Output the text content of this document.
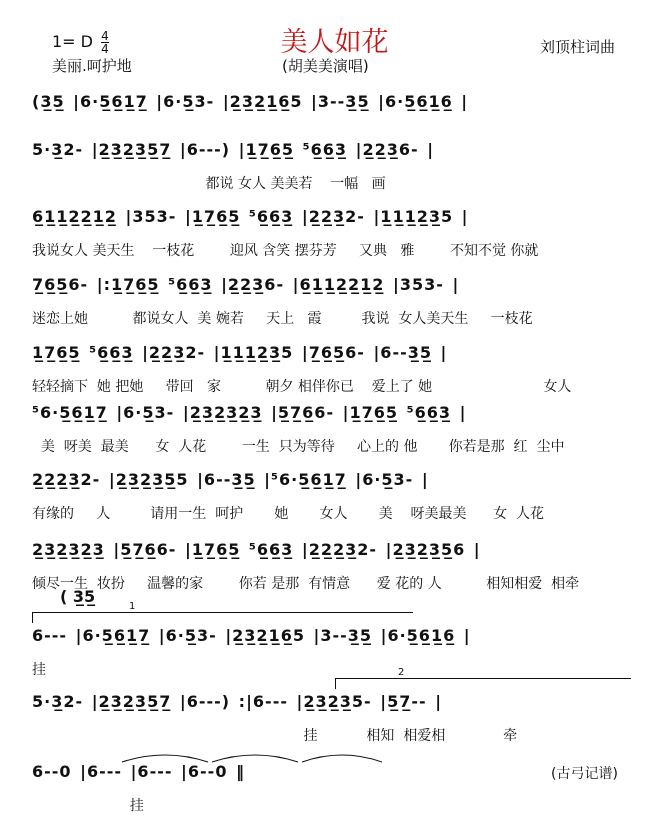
美人如花
1= D $\frac{4}{4}$
美丽.呵护地	(胡美美演唱)
刘顶柱词曲
(3̲5̲ |6·5̲6̲1̲7̲ |6·5̲3- |2̲3̲2̲1̲6̲5 |3--3̲5̲ |6·5̲6̲1̲6̲ |
5·3̲2- |2̲3̲2̲3̲5̲7̲ |6---) |1̲7̲6̲5̲ ⁵6̲6̲3̲ |2̲2̲3̲6- |
都说 女人 美美若    一幅   画
6̲1̲1̲2̲2̲1̲2̲ |353- |1̲7̲6̲5̲ ⁵6̲6̲3̲ |2̲2̲3̲2- |1̲1̲1̲2̲3̲5 |
我说女人 美天生    一枝花        迎风 含笑 摆芬芳     又典   雅        不知不觉 你就
7̲6̲5̲6- |:1̲7̲6̲5̲ ⁵6̲6̲3̲ |2̲2̲3̲6- |6̲1̲1̲2̲2̲1̲2̲ |353- |
迷恋上她          都说女人  美 婉若     天上   霞         我说  女人美天生     一枝花
1̲7̲6̲5̲ ⁵6̲6̲3̲ |2̲2̲3̲2- |1̲1̲1̲2̲3̲5 |7̲6̲5̲6- |6--3̲5̲ |
轻轻摘下  她 把她     带回   家          朝夕 相伴你已    爱上了 她                         女人
⁵6·5̲6̲1̲7̲ |6·5̲3- |2̲3̲2̲3̲2̲3̲ |5̲7̲6̲6- |1̲7̲6̲5̲ ⁵6̲6̲3̲ |
美  呀美  最美      女  人花        一生  只为等待     心上的 他       你若是那  红  尘中
2̲2̲2̲3̲2- |2̲3̲2̲3̲5̲5 |6--3̲5̲ |⁵6·5̲6̲1̲7̲ |6·5̲3- |
有缘的     人         请用一生  呵护       她       女人       美    呀美最美      女  人花
2̲3̲2̲3̲2̲3̲ |5̲7̲6̲6- |1̲7̲6̲5̲ ⁵6̲6̲3̲ |2̲2̲2̲3̲2- |2̲3̲2̲3̲5̲6 |
倾尽一生  妆扮     温馨的家        你若 是那  有情意      爱 花的 人          相知相爱  相牵
( 3̲5̲
1
6--- |6·5̲6̲1̲7̲ |6·5̲3- |2̲3̲2̲1̲6̲5 |3--3̲5̲ |6·5̲6̲1̲6̲ |
挂	2
5·3̲2- |2̲3̲2̲3̲5̲7̲ |6---) :|6--- |2̲3̲2̲3̲5- |5̲7̲-- |
挂           相知  相爱相             牵
6--0 |6--- |6--- |6--0 ‖
挂
(古弓记谱)
